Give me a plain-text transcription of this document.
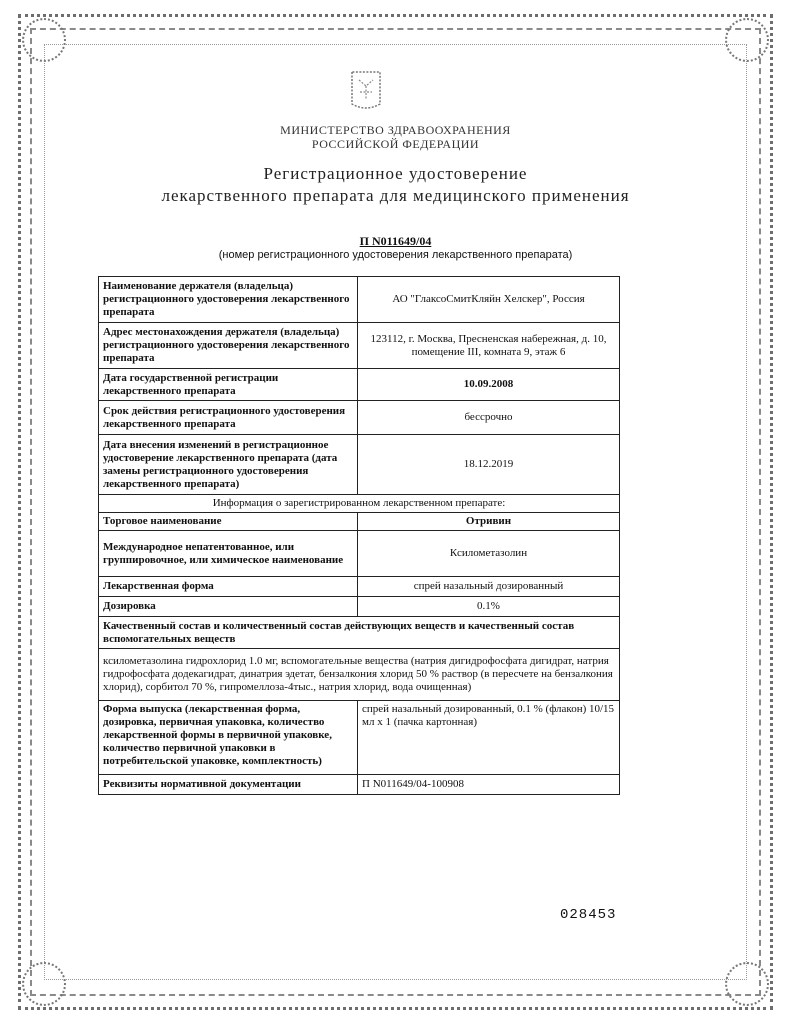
МИНИСТЕРСТВО ЗДРАВООХРАНЕНИЯ
РОССИЙСКОЙ ФЕДЕРАЦИИ
Регистрационное удостоверение
лекарственного препарата для медицинского применения
П N011649/04
(номер регистрационного удостоверения лекарственного препарата)
Наименование держателя (владельца) регистрационного удостоверения лекарственного препарата	АО "ГлаксоСмитКляйн Хелскер", Россия
Адрес местонахождения держателя (владельца) регистрационного удостоверения лекарственного препарата	123112, г. Москва, Пресненская набережная, д. 10, помещение III, комната 9, этаж 6
Дата государственной регистрации лекарственного препарата	10.09.2008
Срок действия регистрационного удостоверения лекарственного препарата	бессрочно
Дата внесения изменений в регистрационное удостоверение лекарственного препарата (дата замены регистрационного удостоверения лекарственного препарата)	18.12.2019
Информация о зарегистрированном лекарственном препарате:	
Торговое наименование	Отривин
Международное непатентованное, или группировочное, или химическое наименование	Ксилометазолин
Лекарственная форма	спрей назальный дозированный
Дозировка	0.1%
Качественный состав и количественный состав действующих веществ и качественный состав вспомогательных веществ	
ксилометазолина гидрохлорид 1.0 мг, вспомогательные вещества (натрия дигидрофосфата дигидрат, натрия гидрофосфата додекагидрат, динатрия эдетат, бензалкония хлорид 50 % раствор (в пересчете на бензалкония хлорид), сорбитол 70 %, гипромеллоза-4тыс., натрия хлорид, вода очищенная)	
Форма выпуска (лекарственная форма, дозировка, первичная упаковка, количество лекарственной формы в первичной упаковке, количество первичной упаковки в потребительской упаковке, комплектность)	спрей назальный дозированный, 0.1 % (флакон) 10/15 мл х 1 (пачка картонная)
Реквизиты нормативной документации	П N011649/04-100908
028453
